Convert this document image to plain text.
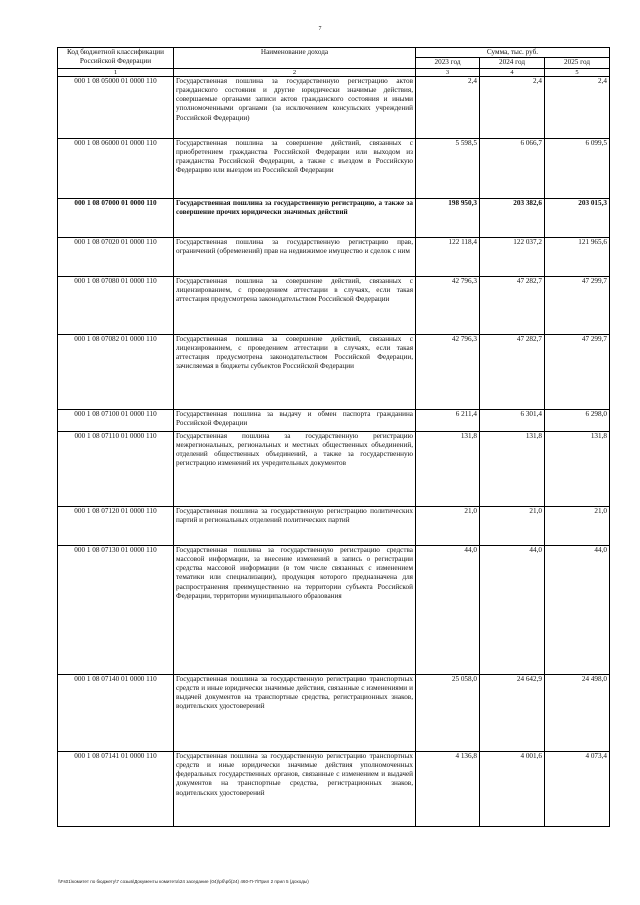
7
Код бюджетной классификации Российской Федерации	Наименование дохода	Сумма, тыс. руб.		
		2023 год	2024 год	2025 год
1	2	3	4	5
000 1 08 05000 01 0000 110	Государственная пошлина за государственную регистрацию актов гражданского состояния и другие юридически значимые действия, совершаемые органами записи актов гражданского состояния и иными уполномоченными органами (за исключением консульских учреждений Российской Федерации)	2,4	2,4	2,4
000 1 08 06000 01 0000 110	Государственная пошлина за совершение действий, связанных с приобретением гражданства Российской Федерации или выходом из гражданства Российской Федерации, а также с въездом в Российскую Федерацию или выездом из Российской Федерации	5 598,5	6 066,7	6 099,5
000 1 08 07000 01 0000 110	Государственная пошлина за государственную регистрацию, а также за совершение прочих юридически значимых действий	198 950,3	203 382,6	203 015,3
000 1 08 07020 01 0000 110	Государственная пошлина за государственную регистрацию прав, ограничений (обременений) прав на недвижимое имущество и сделок с ним	122 118,4	122 037,2	121 965,6
000 1 08 07080 01 0000 110	Государственная пошлина за совершение действий, связанных с лицензированием, с проведением аттестации в случаях, если такая аттестация предусмотрена законодательством Российской Федерации	42 796,3	47 282,7	47 299,7
000 1 08 07082 01 0000 110	Государственная пошлина за совершение действий, связанных с лицензированием, с проведением аттестации в случаях, если такая аттестация предусмотрена законодательством Российской Федерации, зачисляемая в бюджеты субъектов Российской Федерации	42 796,3	47 282,7	47 299,7
000 1 08 07100 01 0000 110	Государственная пошлина за выдачу и обмен паспорта гражданина Российской Федерации	6 211,4	6 301,4	6 298,0
000 1 08 07110 01 0000 110	Государственная пошлина за государственную регистрацию межрегиональных, региональных и местных общественных объединений, отделений общественных объединений, а также за государственную регистрацию изменений их учредительных документов	131,8	131,8	131,8
000 1 08 07120 01 0000 110	Государственная пошлина за государственную регистрацию политических партий и региональных отделений политических партий	21,0	21,0	21,0
000 1 08 07130 01 0000 110	Государственная пошлина за государственную регистрацию средства массовой информации, за внесение изменений в запись о регистрации средства массовой информации (в том числе связанных с изменением тематики или специализации), продукция которого предназначена для распространения преимущественно на территории субъекта Российской Федерации, территории муниципального образования	44,0	44,0	44,0
000 1 08 07140 01 0000 110	Государственная пошлина за государственную регистрацию транспортных средств и иные юридически значимые действия, связанные с изменениями и выдачей документов на транспортные средства, регистрационных знаков, водительских удостоверений	25 058,0	24 642,9	24 498,0
000 1 08 07141 01 0000 110	Государственная пошлина за государственную регистрацию транспортных средств и иные юридически значимые действия уполномоченных федеральных государственных органов, связанные с изменением и выдачей документов на транспортные средства, регистрационных знаков, водительских удостоверений	4 136,8	4 001,6	4 073,4
\\Fs01\комитет по бюджету\7 созыв\Документы комитета\24 заседание (04)\рб\рб(24) 460-П-7\Прил 2 прил 5 (доходы)
